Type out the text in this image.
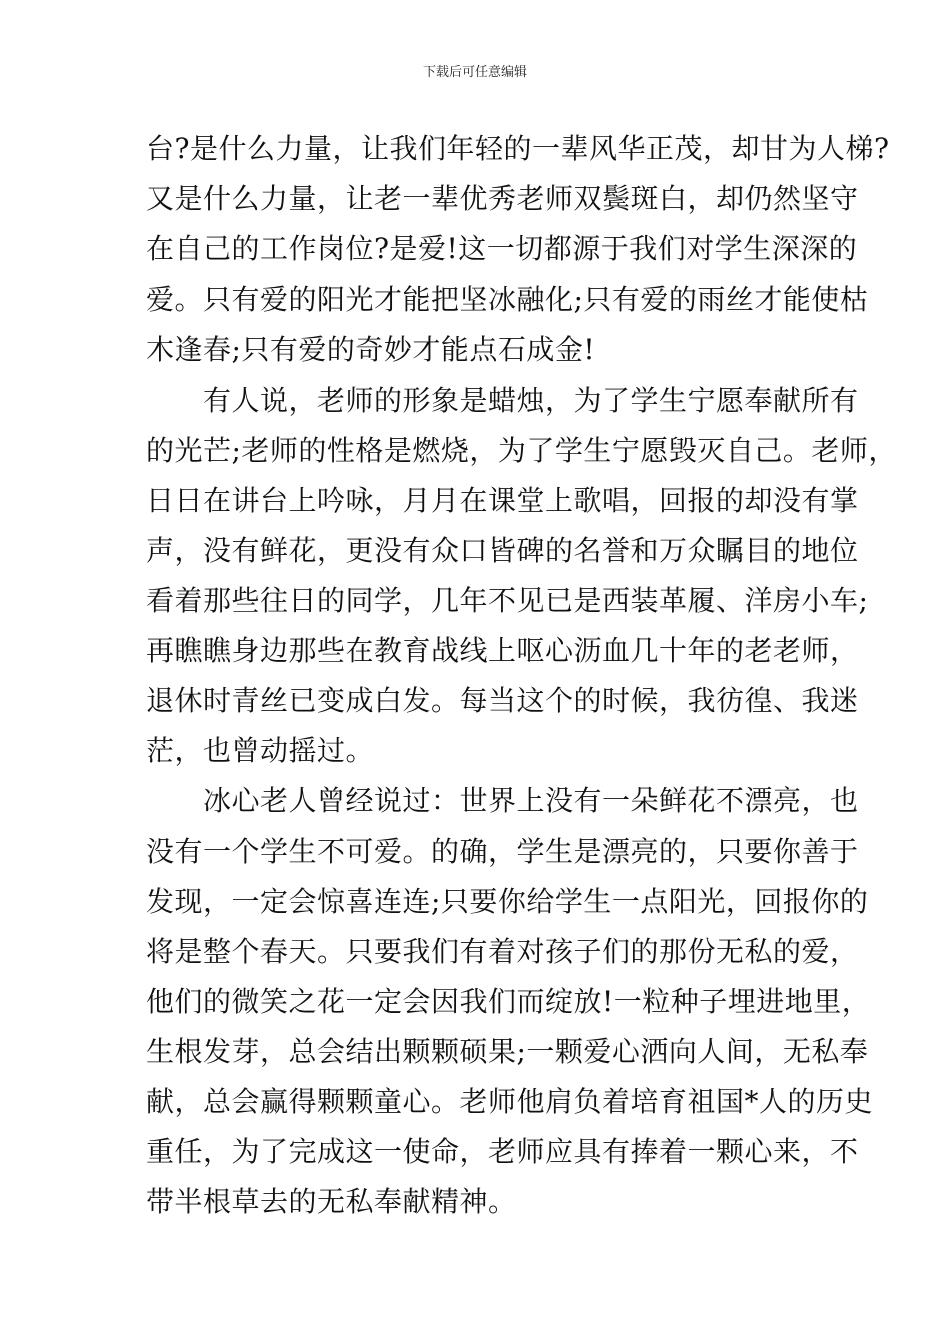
下载后可任意编辑
台?是什么力量，让我们年轻的一辈风华正茂，却甘为人梯?
又是什么力量，让老一辈优秀老师双鬓斑白，却仍然坚守
在自己的工作岗位?是爱!这一切都源于我们对学生深深的
爱。只有爱的阳光才能把坚冰融化;只有爱的雨丝才能使枯
木逢春;只有爱的奇妙才能点石成金!
　　有人说，老师的形象是蜡烛，为了学生宁愿奉献所有
的光芒;老师的性格是燃烧，为了学生宁愿毁灭自己。老师，
日日在讲台上吟咏，月月在课堂上歌唱，回报的却没有掌
声，没有鲜花，更没有众口皆碑的名誉和万众瞩目的地位
看着那些往日的同学，几年不见已是西装革履、洋房小车;
再瞧瞧身边那些在教育战线上呕心沥血几十年的老老师，
退休时青丝已变成白发。每当这个的时候，我彷徨、我迷
茫，也曾动摇过。
　　冰心老人曾经说过：世界上没有一朵鲜花不漂亮，也
没有一个学生不可爱。的确，学生是漂亮的，只要你善于
发现，一定会惊喜连连;只要你给学生一点阳光，回报你的
将是整个春天。只要我们有着对孩子们的那份无私的爱，
他们的微笑之花一定会因我们而绽放!一粒种子埋进地里，
生根发芽，总会结出颗颗硕果;一颗爱心洒向人间，无私奉
献，总会赢得颗颗童心。老师他肩负着培育祖国*人的历史
重任，为了完成这一使命，老师应具有捧着一颗心来，不
带半根草去的无私奉献精神。
